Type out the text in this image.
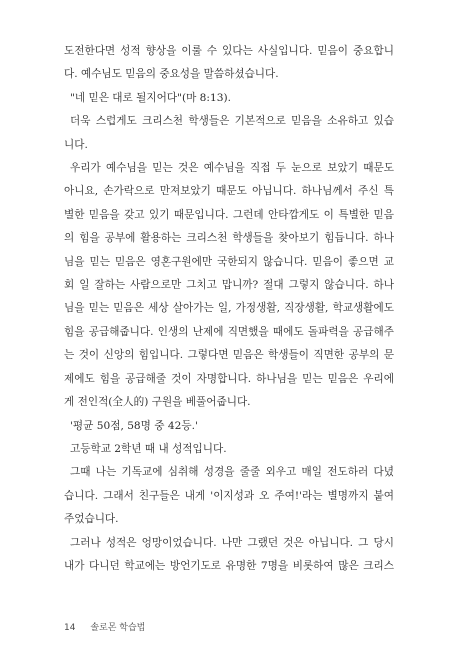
도전한다면 성적 향상을 이룰 수 있다는 사실입니다. 믿음이 중요합니
다. 예수님도 믿음의 중요성을 말씀하셨습니다.
"네 믿은 대로 될지어다"(마 8:13).
더욱 스럽게도 크리스천 학생들은 기본적으로 믿음을 소유하고 있습
니다.
우리가 예수님을 믿는 것은 예수님을 직접 두 눈으로 보았기 때문도
아니요, 손가락으로 만져보았기 때문도 아닙니다. 하나님께서 주신 특
별한 믿음을 갖고 있기 때문입니다. 그런데 안타깝게도 이 특별한 믿음
의 힘을 공부에 활용하는 크리스천 학생들을 찾아보기 힘듭니다. 하나
님을 믿는 믿음은 영혼구원에만 국한되지 않습니다. 믿음이 좋으면 교
회 일 잘하는 사람으로만 그치고 맙니까? 절대 그렇지 않습니다. 하나
님을 믿는 믿음은 세상 살아가는 일, 가정생활, 직장생활, 학교생활에도
힘을 공급해줍니다. 인생의 난제에 직면했을 때에도 돌파력을 공급해주
는 것이 신앙의 힘입니다. 그렇다면 믿음은 학생들이 직면한 공부의 문
제에도 힘을 공급해줄 것이 자명합니다. 하나님을 믿는 믿음은 우리에
게 전인적(全人的) 구원을 베풀어줍니다.
'평균 50점, 58명 중 42등.'
고등학교 2학년 때 내 성적입니다.
그때 나는 기독교에 심취해 성경을 줄줄 외우고 매일 전도하러 다녔
습니다. 그래서 친구들은 내게 '이지성과 오 주여!'라는 별명까지 붙여
주었습니다.
그러나 성적은 엉망이었습니다. 나만 그랬던 것은 아닙니다. 그 당시
내가 다니던 학교에는 방언기도로 유명한 7명을 비롯하여 많은 크리스
14 솔로몬 학습법
